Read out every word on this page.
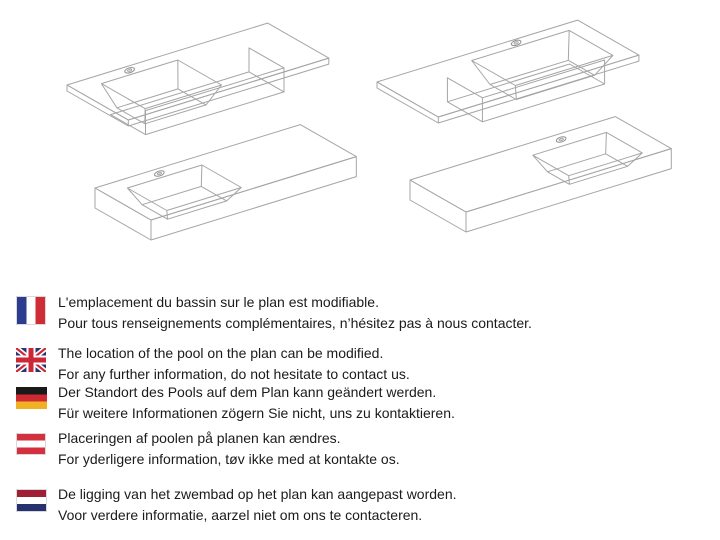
L'emplacement du bassin sur le plan est modifiable.
Pour tous renseignements complémentaires, n’hésitez pas à nous contacter.
The location of the pool on the plan can be modified.
For any further information, do not hesitate to contact us.
Der Standort des Pools auf dem Plan kann geändert werden.
Für weitere Informationen zögern Sie nicht, uns zu kontaktieren.
Placeringen af poolen på planen kan ændres.
For yderligere information, tøv ikke med at kontakte os.
De ligging van het zwembad op het plan kan aangepast worden.
Voor verdere informatie, aarzel niet om ons te contacteren.
